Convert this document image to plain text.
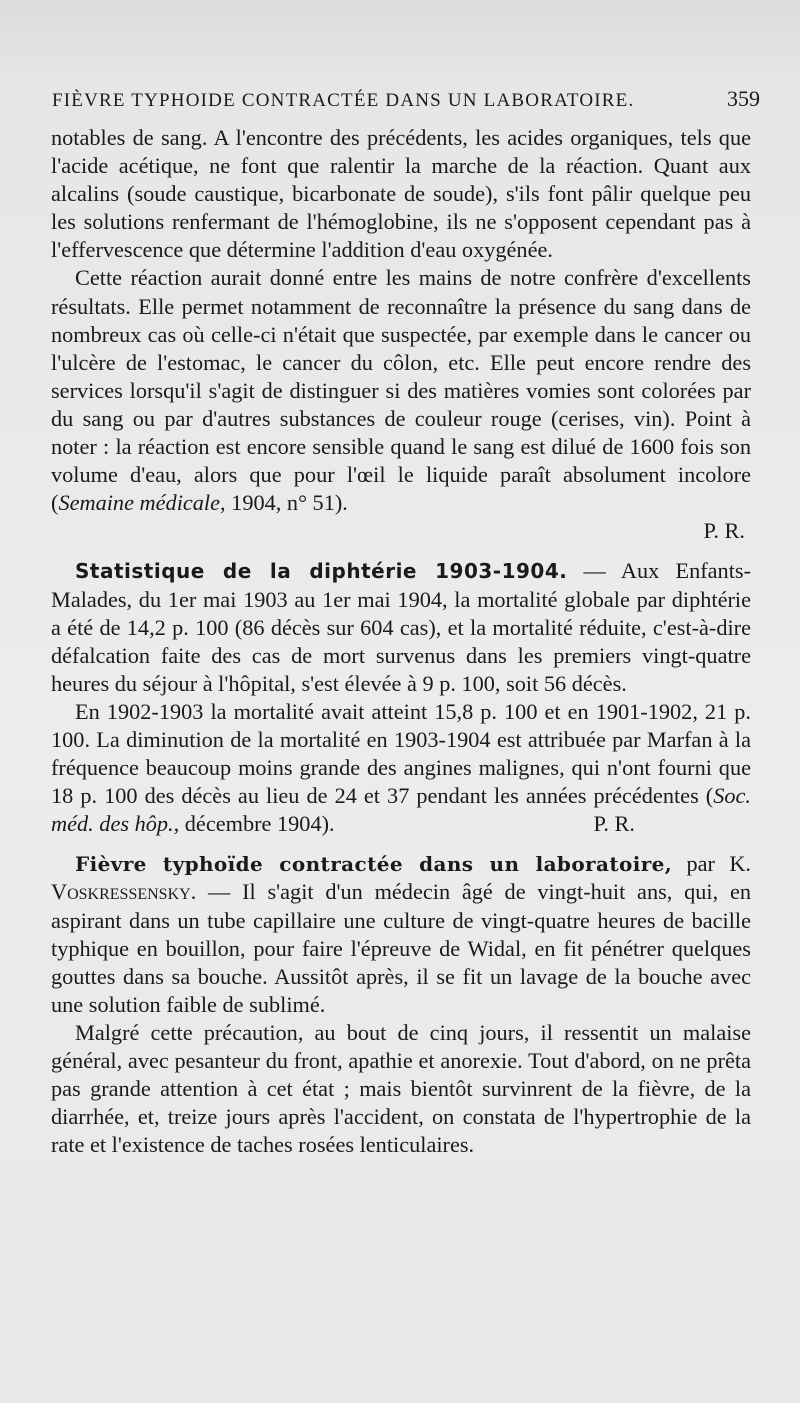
FIÈVRE TYPHOIDE CONTRACTÉE DANS UN LABORATOIRE.	359

notables de sang. A l'encontre des précédents, les acides organiques, tels que l'acide acétique, ne font que ralentir la marche de la réaction. Quant aux alcalins (soude caustique, bicarbonate de soude), s'ils font pâlir quelque peu les solutions renfermant de l'hémoglobine, ils ne s'opposent cependant pas à l'effervescence que détermine l'addition d'eau oxygénée.

Cette réaction aurait donné entre les mains de notre confrère d'excellents résultats. Elle permet notamment de reconnaître la présence du sang dans de nombreux cas où celle-ci n'était que suspectée, par exemple dans le cancer ou l'ulcère de l'estomac, le cancer du côlon, etc. Elle peut encore rendre des services lorsqu'il s'agit de distinguer si des matières vomies sont colorées par du sang ou par d'autres substances de couleur rouge (cerises, vin). Point à noter : la réaction est encore sensible quand le sang est dilué de 1600 fois son volume d'eau, alors que pour l'œil le liquide paraît absolument incolore (Semaine médicale, 1904, n° 51).
P. R.

Statistique de la diphtérie 1903-1904. — Aux Enfants-Malades, du 1er mai 1903 au 1er mai 1904, la mortalité globale par diphtérie a été de 14,2 p. 100 (86 décès sur 604 cas), et la mortalité réduite, c'est-à-dire défalcation faite des cas de mort survenus dans les premiers vingt-quatre heures du séjour à l'hôpital, s'est élevée à 9 p. 100, soit 56 décès.

En 1902-1903 la mortalité avait atteint 15,8 p. 100 et en 1901-1902, 21 p. 100. La diminution de la mortalité en 1903-1904 est attribuée par Marfan à la fréquence beaucoup moins grande des angines malignes, qui n'ont fourni que 18 p. 100 des décès au lieu de 24 et 37 pendant les années précédentes (Soc. méd. des hôp., décembre 1904).	P. R.

Fièvre typhoïde contractée dans un laboratoire, par K. Voskressensky. — Il s'agit d'un médecin âgé de vingt-huit ans, qui, en aspirant dans un tube capillaire une culture de vingt-quatre heures de bacille typhique en bouillon, pour faire l'épreuve de Widal, en fit pénétrer quelques gouttes dans sa bouche. Aussitôt après, il se fit un lavage de la bouche avec une solution faible de sublimé.

Malgré cette précaution, au bout de cinq jours, il ressentit un malaise général, avec pesanteur du front, apathie et anorexie. Tout d'abord, on ne prêta pas grande attention à cet état ; mais bientôt survinrent de la fièvre, de la diarrhée, et, treize jours après l'accident, on constata de l'hypertrophie de la rate et l'existence de taches rosées lenticulaires.
